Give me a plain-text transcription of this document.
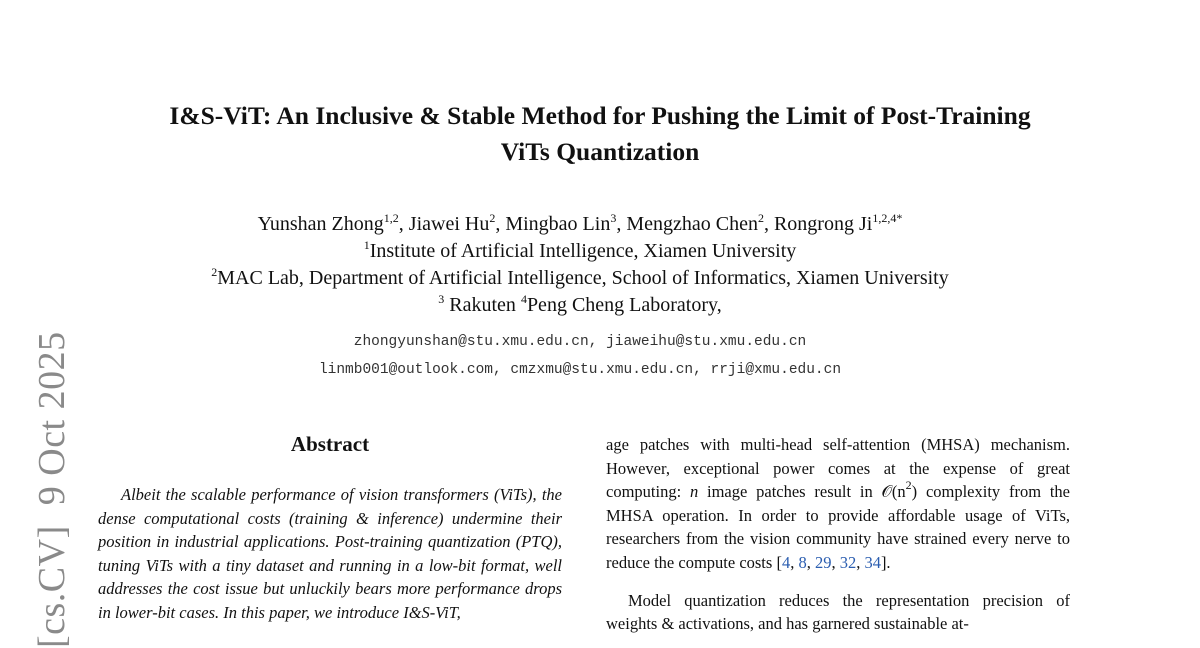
I&S-ViT: An Inclusive & Stable Method for Pushing the Limit of Post-Training
ViTs Quantization
Yunshan Zhong$^{1,2}$, Jiawei Hu$^2$, Mingbao Lin$^3$, Mengzhao Chen$^2$, Rongrong $Ji^{1,2,4*}$
$^1$Institute of Artificial Intelligence, Xiamen University
$^2$MAC Lab, Department of Artificial Intelligence, School of Informatics, Xiamen University
$^3$ Rakuten $^4$Peng Cheng Laboratory,
zhongyunshan@stu.xmu.edu.cn, jiaweihu@stu.xmu.edu.cn
linmb001@outlook.com, cmzxmu@stu.xmu.edu.cn, rrji@xmu.edu.cn
[cs.CV]  9 Oct 2025	Abstract
Albeit the scalable performance of vision transformers (ViTs), the dense computational costs (training & inference) undermine their position in industrial applications. Post-training quantization (PTQ), tuning ViTs with a tiny dataset and running in a low-bit format, well addresses the cost issue but unluckily bears more performance drops in lower-bit cases. In this paper, we introduce I&S-ViT,

age patches with multi-head self-attention (MHSA) mechanism. However, exceptional power comes at the expense of great computing: n image patches result in $𝒪(n^2)$ complexity from the MHSA operation. In order to provide affordable usage of ViTs, researchers from the vision community have strained every nerve to reduce the compute costs [4, 8, 29, 32, 34].

Model quantization reduces the representation precision of weights & activations, and has garnered sustainable at-
